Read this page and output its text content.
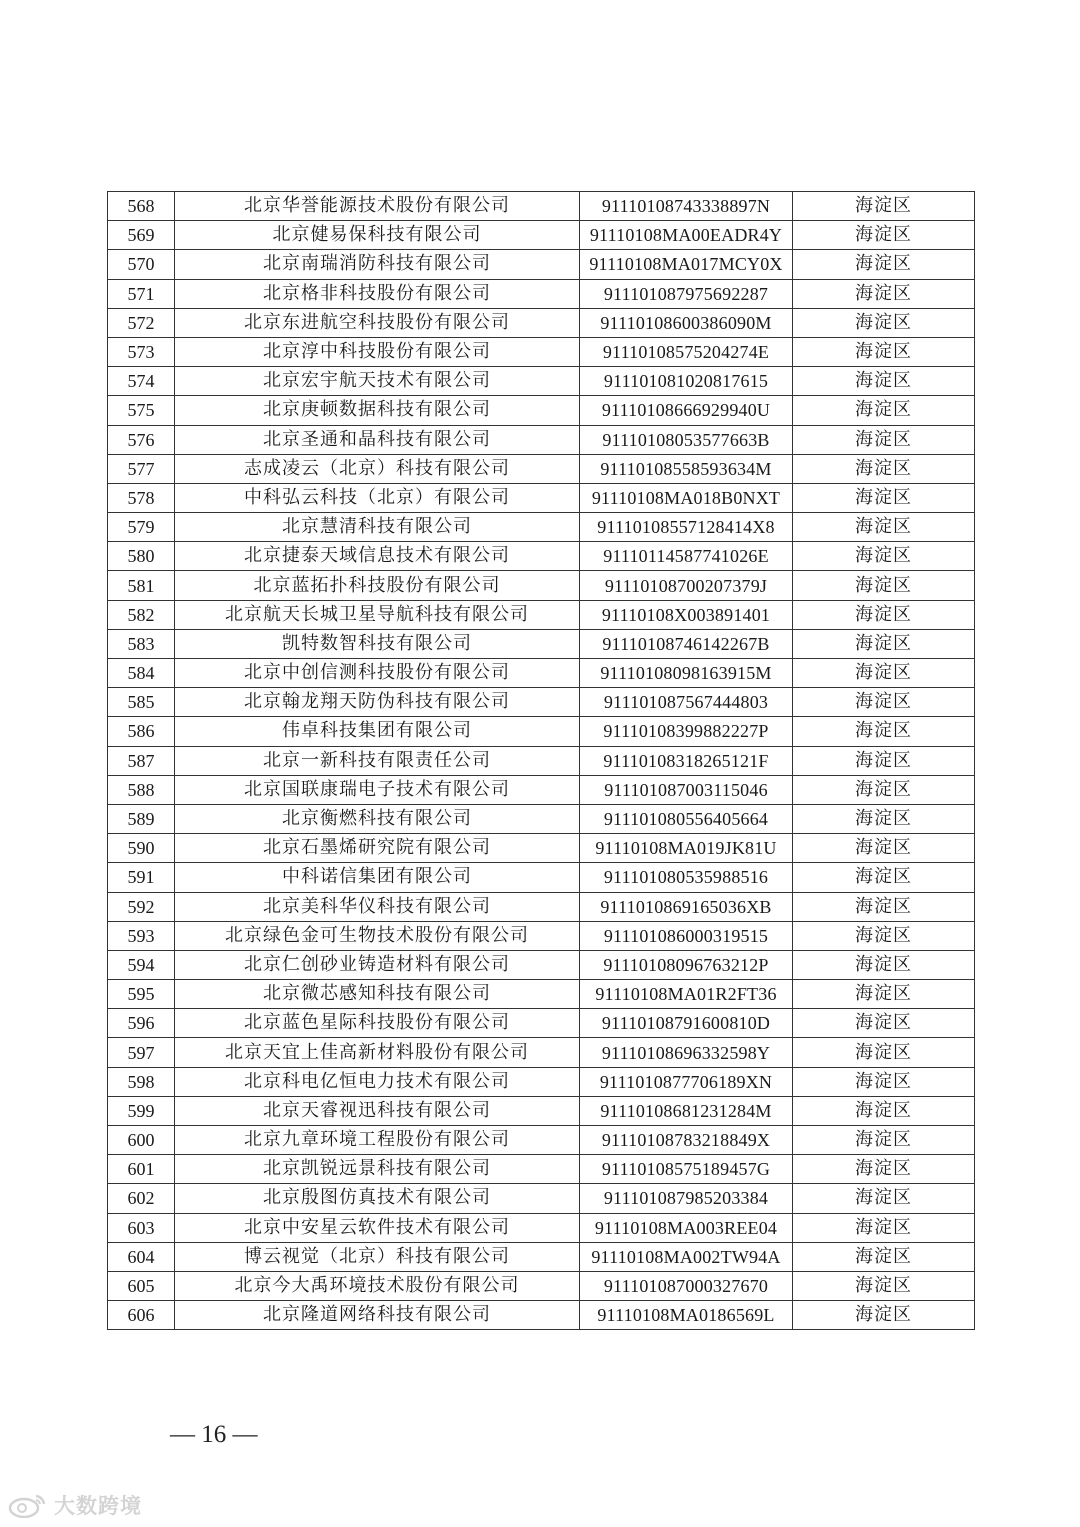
568	北京华誉能源技术股份有限公司	91110108743338897N	海淀区
569	北京健易保科技有限公司	91110108MA00EADR4Y	海淀区
570	北京南瑞消防科技有限公司	91110108MA017MCY0X	海淀区
571	北京格非科技股份有限公司	911101087975692287	海淀区
572	北京东进航空科技股份有限公司	91110108600386090M	海淀区
573	北京淳中科技股份有限公司	91110108575204274E	海淀区
574	北京宏宇航天技术有限公司	911101081020817615	海淀区
575	北京庚顿数据科技有限公司	91110108666929940U	海淀区
576	北京圣通和晶科技有限公司	91110108053577663B	海淀区
577	志成凌云（北京）科技有限公司	91110108558593634M	海淀区
578	中科弘云科技（北京）有限公司	91110108MA018B0NXT	海淀区
579	北京慧清科技有限公司	91110108557128414X8	海淀区
580	北京捷泰天域信息技术有限公司	91110114587741026E	海淀区
581	北京蓝拓扑科技股份有限公司	91110108700207379J	海淀区
582	北京航天长城卫星导航科技有限公司	91110108X003891401	海淀区
583	凯特数智科技有限公司	91110108746142267B	海淀区
584	北京中创信测科技股份有限公司	91110108098163915M	海淀区
585	北京翰龙翔天防伪科技有限公司	911101087567444803	海淀区
586	伟卓科技集团有限公司	91110108399882227P	海淀区
587	北京一新科技有限责任公司	91110108318265121F	海淀区
588	北京国联康瑞电子技术有限公司	911101087003115046	海淀区
589	北京衡燃科技有限公司	911101080556405664	海淀区
590	北京石墨烯研究院有限公司	91110108MA019JK81U	海淀区
591	中科诺信集团有限公司	911101080535988516	海淀区
592	北京美科华仪科技有限公司	9111010869165036XB	海淀区
593	北京绿色金可生物技术股份有限公司	911101086000319515	海淀区
594	北京仁创砂业铸造材料有限公司	91110108096763212P	海淀区
595	北京微芯感知科技有限公司	91110108MA01R2FT36	海淀区
596	北京蓝色星际科技股份有限公司	91110108791600810D	海淀区
597	北京天宜上佳高新材料股份有限公司	91110108696332598Y	海淀区
598	北京科电亿恒电力技术有限公司	9111010877706189XN	海淀区
599	北京天睿视迅科技有限公司	91110108681231284M	海淀区
600	北京九章环境工程股份有限公司	91110108783218849X	海淀区
601	北京凯锐远景科技有限公司	91110108575189457G	海淀区
602	北京殷图仿真技术有限公司	911101087985203384	海淀区
603	北京中安星云软件技术有限公司	91110108MA003REE04	海淀区
604	博云视觉（北京）科技有限公司	91110108MA002TW94A	海淀区
605	北京今大禹环境技术股份有限公司	911101087000327670	海淀区
606	北京隆道网络科技有限公司	91110108MA0186569L	海淀区
— 16 —
大数跨境
